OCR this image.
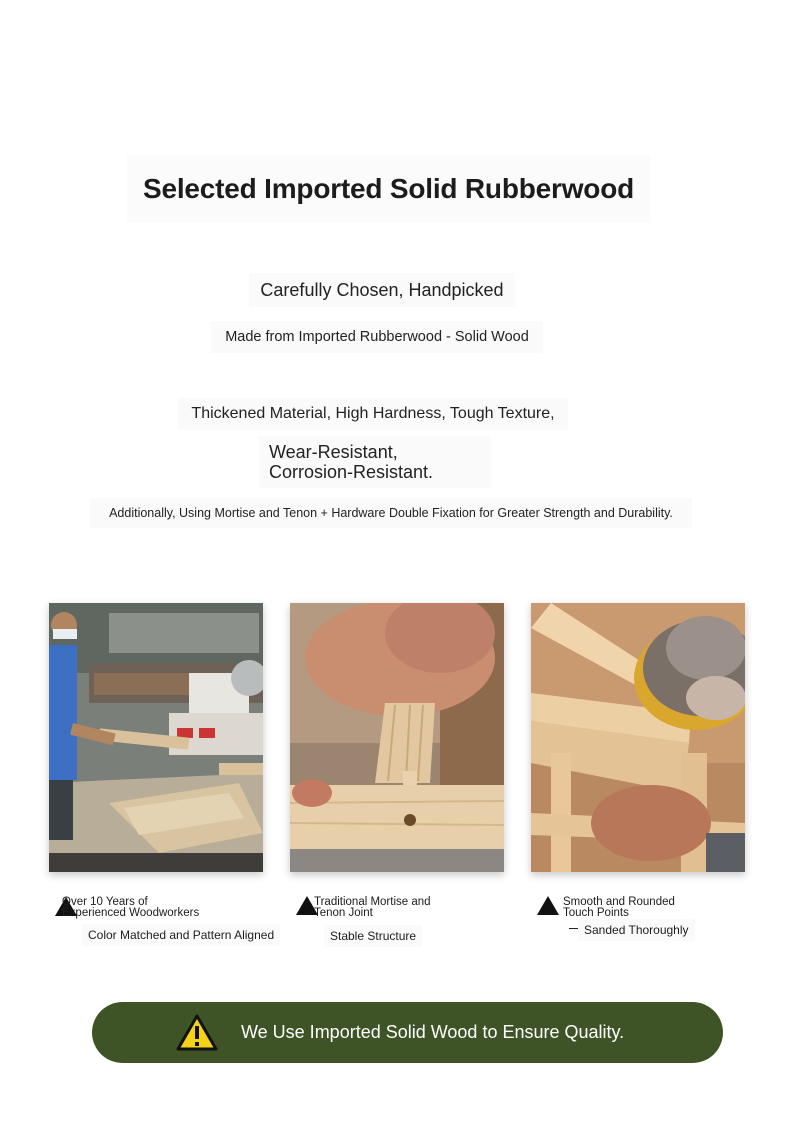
Selected Imported Solid Rubberwood
Carefully Chosen, Handpicked
Made from Imported Rubberwood - Solid Wood
Thickened Material, High Hardness, Tough Texture,
Wear-Resistant,
Corrosion-Resistant.
Additionally, Using Mortise and Tenon + Hardware Double Fixation for Greater Strength and Durability.
Over 10 Years of
Experienced Woodworkers
Color Matched and Pattern Aligned
Traditional Mortise and
Tenon Joint
Stable Structure
Smooth and Rounded
Touch Points
Sanded Thoroughly
We Use Imported Solid Wood to Ensure Quality.
